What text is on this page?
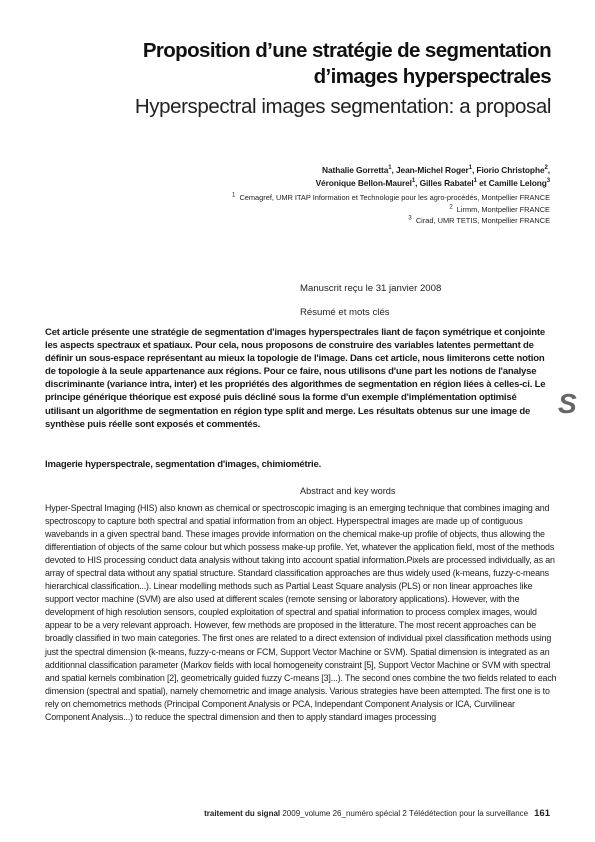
Proposition d’une stratégie de segmentation
d’images hyperspectrales
Hyperspectral images segmentation: a proposal
Nathalie Gorretta$^1$, Jean-Michel Roger$^1$, Fiorio Christophe$^2$,
Véronique Bellon-Maurel$^1$, Gilles Rabatel$^1$ et Camille Lelong$^3$
$^1$ Cemagref, UMR ITAP Information et Technologie pour les agro-procédés, Montpellier FRANCE
$^2$ Lirmm, Montpellier FRANCE
$^3$ Cirad, UMR TETIS, Montpellier FRANCE
Manuscrit reçu le 31 janvier 2008
Résumé et mots clés
Cet article présente une stratégie de segmentation d'images hyperspectrales liant de façon symétrique et conjointe les aspects spectraux et spatiaux. Pour cela, nous proposons de construire des variables latentes permettant de définir un sous-espace représentant au mieux la topologie de l'image. Dans cet article, nous limiterons cette notion de topologie à la seule appartenance aux régions. Pour ce faire, nous utilisons d'une part les notions de l'analyse discriminante (variance intra, inter) et les propriétés des algorithmes de segmentation en région liées à celles-ci. Le principe générique théorique est exposé puis décliné sous la forme d'un exemple d'implémentation optimisé utilisant un algorithme de segmentation en région type split and merge. Les résultats obtenus sur une image de synthèse puis réelle sont exposés et commentés.
S
Imagerie hyperspectrale, segmentation d'images, chimiométrie.
Abstract and key words
Hyper-Spectral Imaging (HIS) also known as chemical or spectroscopic imaging is an emerging technique that combines imaging and spectroscopy to capture both spectral and spatial information from an object. Hyperspectral images are made up of contiguous wavebands in a given spectral band. These images provide information on the chemical make-up profile of objects, thus allowing the differentiation of objects of the same colour but which possess make-up profile. Yet, whatever the application field, most of the methods devoted to HIS processing conduct data analysis without taking into account spatial information.Pixels are processed individually, as an array of spectral data without any spatial structure. Standard classification approaches are thus widely used (k-means, fuzzy-c-means hierarchical classification...). Linear modelling methods such as Partial Least Square analysis (PLS) or non linear approaches like support vector machine (SVM) are also used at different scales (remote sensing or laboratory applications). However, with the development of high resolution sensors, coupled exploitation of spectral and spatial information to process complex images, would appear to be a very relevant approach. However, few methods are proposed in the litterature. The most recent approaches can be broadly classified in two main categories. The first ones are related to a direct extension of individual pixel classification methods using just the spectral dimension (k-means, fuzzy-c-means or FCM, Support Vector Machine or SVM). Spatial dimension is integrated as an additionnal classification parameter (Markov fields with local homogeneity constraint [5], Support Vector Machine or SVM with spectral and spatial kernels combination [2], geometrically guided fuzzy C-means [3]...). The second ones combine the two fields related to each dimension (spectral and spatial), namely chemometric and image analysis. Various strategies have been attempted. The first one is to rely on chemometrics methods (Principal Component Analysis or PCA, Independant Component Analysis or ICA, Curvilinear Component Analysis...) to reduce the spectral dimension and then to apply standard images processing
traitement du signal 2009_volume 26_numéro spécial 2 Télédétection pour la surveillance 161
